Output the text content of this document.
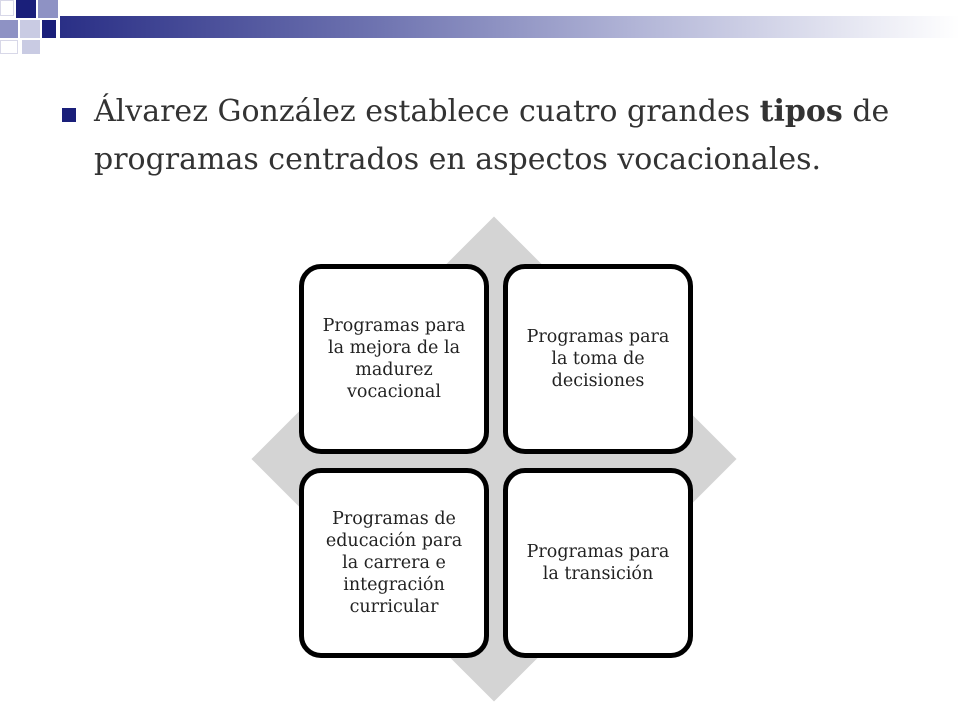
Álvarez González establece cuatro grandes tipos de programas centrados en aspectos vocacionales.
Programas para la mejora de la madurez vocacional
Programas para la toma de decisiones
Programas de educación para la carrera e integración curricular
Programas para la transición
